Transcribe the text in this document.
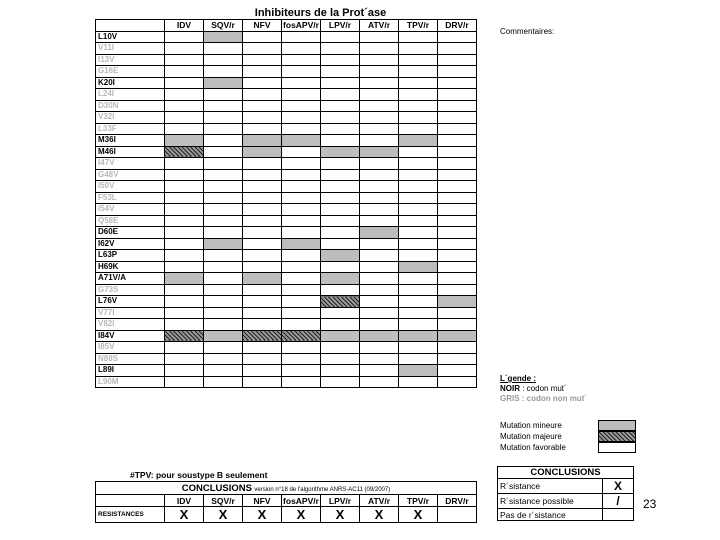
	Inhibiteurs de la Prot´ase							
	IDV	SQV/r	NFV	fosAPV/r	LPV/r	ATV/r	TPV/r	DRV/r
L10V								
V11I								
I13V								
G16E								
K20I								
L24I								
D30N								
V32I								
L33F								
M36I								
M46I								
I47V								
G48V								
I50V								
F53L								
I54V								
Q58E								
D60E								
I62V								
L63P								
H69K								
A71V/A								
G73S								
L76V								
V77I								
V82I								
I84V								
I85V								
N88S								
L89I								
L90M								
Commentaires:
L´gende :
NOIR : codon mut´
GRIS : codon non mut´
Mutation mineure
Mutation majeure
Mutation favorable
#TPV: pour soustype B seulement
CONCLUSIONS version n°18 de l'algorithme ANRS-AC11 (09/2007)								
	IDV	SQV/r	NFV	fosAPV/r	LPV/r	ATV/r	TPV/r	DRV/r
RESISTANCES	X	X	X	X	X	X	X	
CONCLUSIONS	
R´sistance	X
R´sistance possible	/
Pas de r´sistance	
23
